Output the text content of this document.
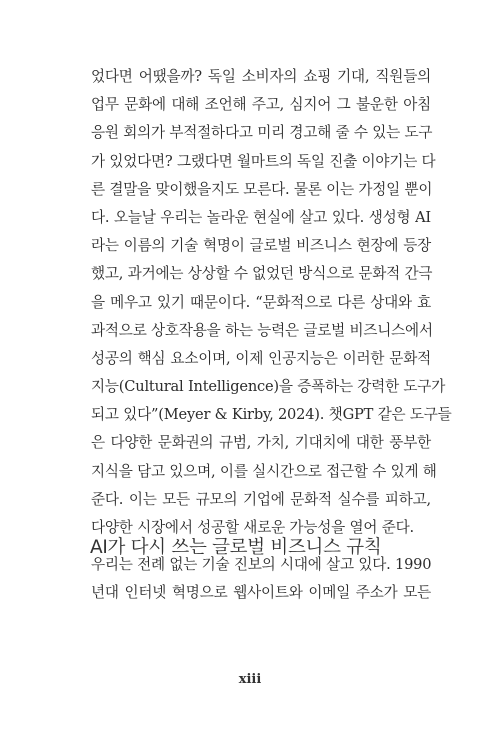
었다면 어땠을까? 독일 소비자의 쇼핑 기대, 직원들의
업무 문화에 대해 조언해 주고, 심지어 그 불운한 아침
응원 회의가 부적절하다고 미리 경고해 줄 수 있는 도구
가 있었다면? 그랬다면 월마트의 독일 진출 이야기는 다
른 결말을 맞이했을지도 모른다. 물론 이는 가정일 뿐이
다. 오늘날 우리는 놀라운 현실에 살고 있다. 생성형 AI
라는 이름의 기술 혁명이 글로벌 비즈니스 현장에 등장
했고, 과거에는 상상할 수 없었던 방식으로 문화적 간극
을 메우고 있기 때문이다. “문화적으로 다른 상대와 효
과적으로 상호작용을 하는 능력은 글로벌 비즈니스에서
성공의 핵심 요소이며, 이제 인공지능은 이러한 문화적
지능(Cultural Intelligence)을 증폭하는 강력한 도구가
되고 있다”(Meyer & Kirby, 2024). 챗GPT 같은 도구들
은 다양한 문화권의 규범, 가치, 기대치에 대한 풍부한
지식을 담고 있으며, 이를 실시간으로 접근할 수 있게 해
준다. 이는 모든 규모의 기업에 문화적 실수를 피하고,
다양한 시장에서 성공할 새로운 가능성을 열어 준다.
AI가 다시 쓰는 글로벌 비즈니스 규칙
우리는 전례 없는 기술 진보의 시대에 살고 있다. 1990
년대 인터넷 혁명으로 웹사이트와 이메일 주소가 모든
xiii
